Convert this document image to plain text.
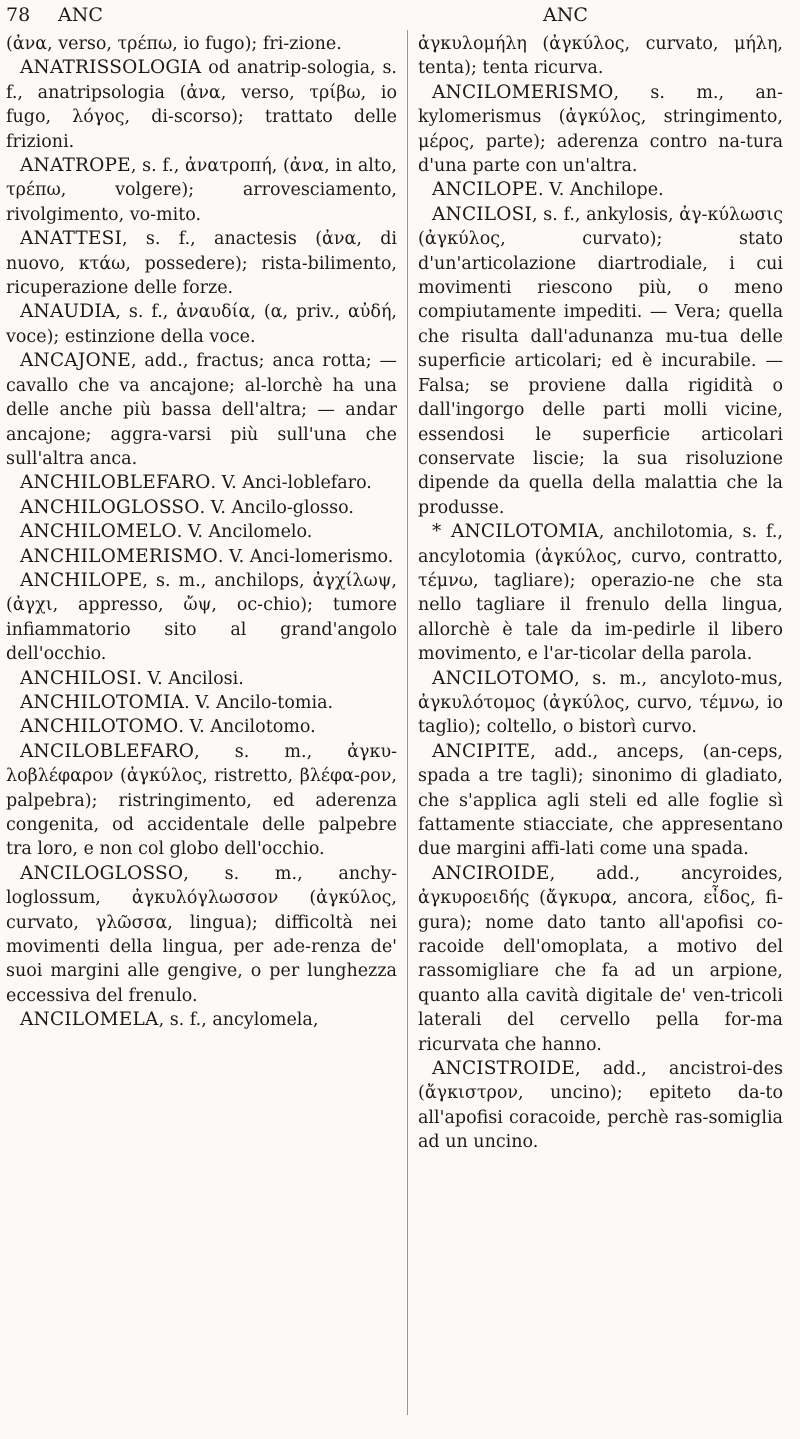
78 ANC	ANC

(ἀνα, verso, τρέπω, io fugo); fri-zione.

ANATRISSOLOGIA od anatrip-sologia, s. f., anatripsologia (ἀνα, verso, τρίβω, io fugo, λόγος, di-scorso); trattato delle frizioni.

ANATROPE, s. f., ἀνατροπή, (ἀνα, in alto, τρέπω, volgere); arrovesciamento, rivolgimento, vo-mito.

ANATTESI, s. f., anactesis (ἀνα, di nuovo, κτάω, possedere); rista-bilimento, ricuperazione delle forze.

ANAUDIA, s. f., ἀναυδία, (α, priv., αὐδή, voce); estinzione della voce.

ANCAJONE, add., fractus; anca rotta; — cavallo che va ancajone; al-lorchè ha una delle anche più bassa dell'altra; — andar ancajone; aggra-varsi più sull'una che sull'altra anca.

ANCHILOBLEFARO. V. Anci-loblefaro.

ANCHILOGLOSSO. V. Ancilo-glosso.

ANCHILOMELO. V. Ancilomelo.

ANCHILOMERISMO. V. Anci-lomerismo.

ANCHILOPE, s. m., anchilops, ἀγχίλωψ, (ἀγχι, appresso, ὤψ, oc-chio); tumore infiammatorio sito al grand'angolo dell'occhio.

ANCHILOSI. V. Ancilosi.

ANCHILOTOMIA. V. Ancilo-tomia.

ANCHILOTOMO. V. Ancilotomo.

ANCILOBLEFARO, s. m., ἀγκυ-λοβλέφαρον (ἀγκύλος, ristretto, βλέφα-ρον, palpebra); ristringimento, ed aderenza congenita, od accidentale delle palpebre tra loro, e non col globo dell'occhio.

ANCILOGLOSSO, s. m., anchy-loglossum, ἀγκυλόγλωσσον (ἀγκύλος, curvato, γλῶσσα, lingua); difficoltà nei movimenti della lingua, per ade-renza de' suoi margini alle gengive, o per lunghezza eccessiva del frenulo.

ANCILOMELA, s. f., ancylomela,

ἀγκυλομήλη (ἀγκύλος, curvato, μήλη, tenta); tenta ricurva.

ANCILOMERISMO, s. m., an-kylomerismus (ἀγκύλος, stringimento, μέρος, parte); aderenza contro na-tura d'una parte con un'altra.

ANCILOPE. V. Anchilope.

ANCILOSI, s. f., ankylosis, ἀγ-κύλωσις (ἀγκύλος, curvato); stato d'un'articolazione diartrodiale, i cui movimenti riescono più, o meno compiutamente impediti. — Vera; quella che risulta dall'adunanza mu-tua delle superficie articolari; ed è incurabile. — Falsa; se proviene dalla rigidità o dall'ingorgo delle parti molli vicine, essendosi le superficie articolari conservate liscie; la sua risoluzione dipende da quella della malattia che la produsse.

* ANCILOTOMIA, anchilotomia, s. f., ancylotomia (ἀγκύλος, curvo, contratto, τέμνω, tagliare); operazio-ne che sta nello tagliare il frenulo della lingua, allorchè è tale da im-pedirle il libero movimento, e l'ar-ticolar della parola.

ANCILOTOMO, s. m., ancyloto-mus, ἀγκυλότομος (ἀγκύλος, curvo, τέμνω, io taglio); coltello, o bistorì curvo.

ANCIPITE, add., anceps, (an-ceps, spada a tre tagli); sinonimo di gladiato, che s'applica agli steli ed alle foglie sì fattamente stiacciate, che appresentano due margini affi-lati come una spada.

ANCIROIDE, add., ancyroides, ἀγκυροειδής (ἄγκυρα, ancora, εἶδος, fi-gura); nome dato tanto all'apofisi co-racoide dell'omoplata, a motivo del rassomigliare che fa ad un arpione, quanto alla cavità digitale de' ven-tricoli laterali del cervello pella for-ma ricurvata che hanno.

ANCISTROIDE, add., ancistroi-des (ἄγκιστρον, uncino); epiteto da-to all'apofisi coracoide, perchè ras-somiglia ad un uncino.
